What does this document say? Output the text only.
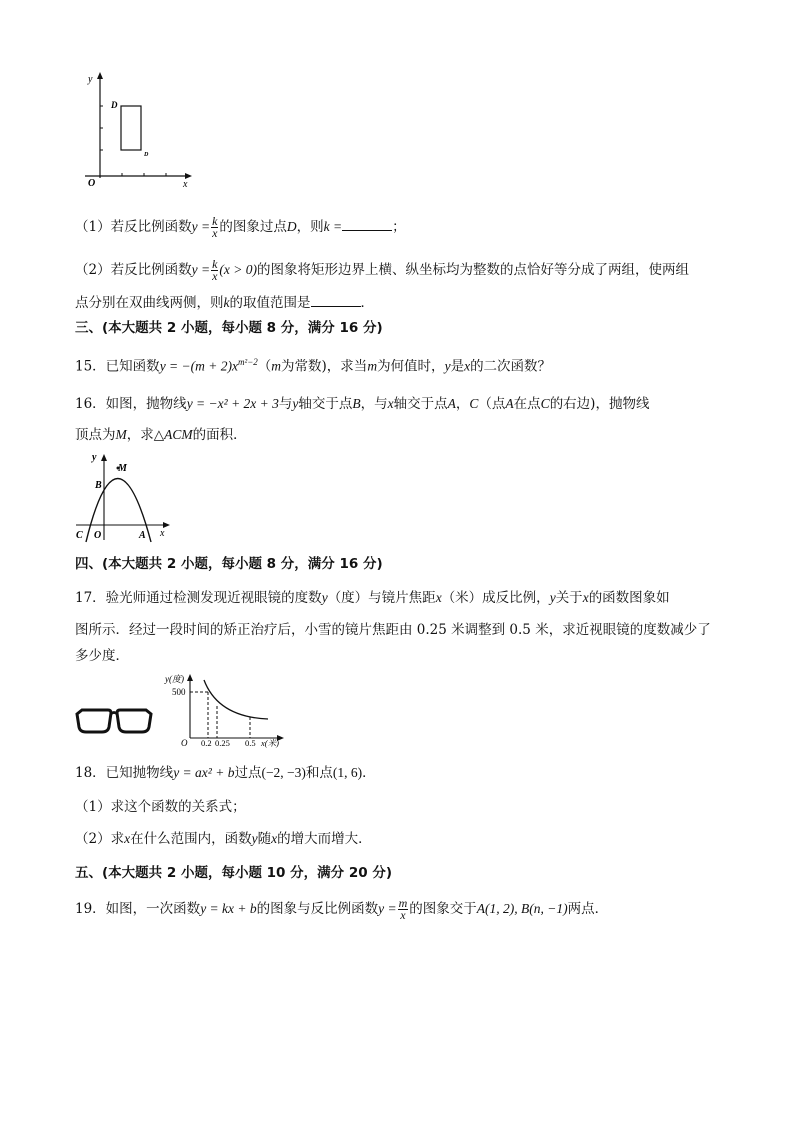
y
x
O
D
D
（1）若反比例函数$y = \frac{k}{x}$ 的图象过点D，则k =	；
（2）若反比例函数$y = \frac{k}{x} (x > 0)$的图象将矩形边界上横、纵坐标均为整数的点恰好等分成了两组，使两组
点分别在双曲线两侧，则k的取值范围是	．
三、(本大题共 2 小题，每小题 8 分，满分 16 分)
15．已知函数$y = -(m + 2)x^{m^2-2}(m$为常数)，求当m为何值时，y是x的二次函数？
16．如图，抛物线y = −x² + 2x + 3与y轴交于点B，与x轴交于点A，C（点A在点C的右边)，抛物线
顶点为M，求△ACM的面积．
y
x
M
B
C O	A
四、(本大题共 2 小题，每小题 8 分，满分 16 分)
17．验光师通过检测发现近视眼镜的度数y（度）与镜片焦距x（米）成反比例，y关于x的函数图象如
图所示．经过一段时间的矫正治疗后，小雪的镜片焦距由 0.25 米调整到 0.5 米，求近视眼镜的度数减少了
多少度．
y(度)
500
O 0.2 0.25 0.5 x(米)
18．已知抛物线y = ax² + b过点(−2, −3)和点(1, 6)．
（1）求这个函数的关系式；
（2）求x在什么范围内，函数y随x的增大而增大．
五、(本大题共 2 小题，每小题 10 分，满分 20 分)
19．如图，一次函数y = kx + b的图象与反比例函数$y = \frac{m}{x}$ 的图象交于A(1, 2), B(n, −1)两点．
